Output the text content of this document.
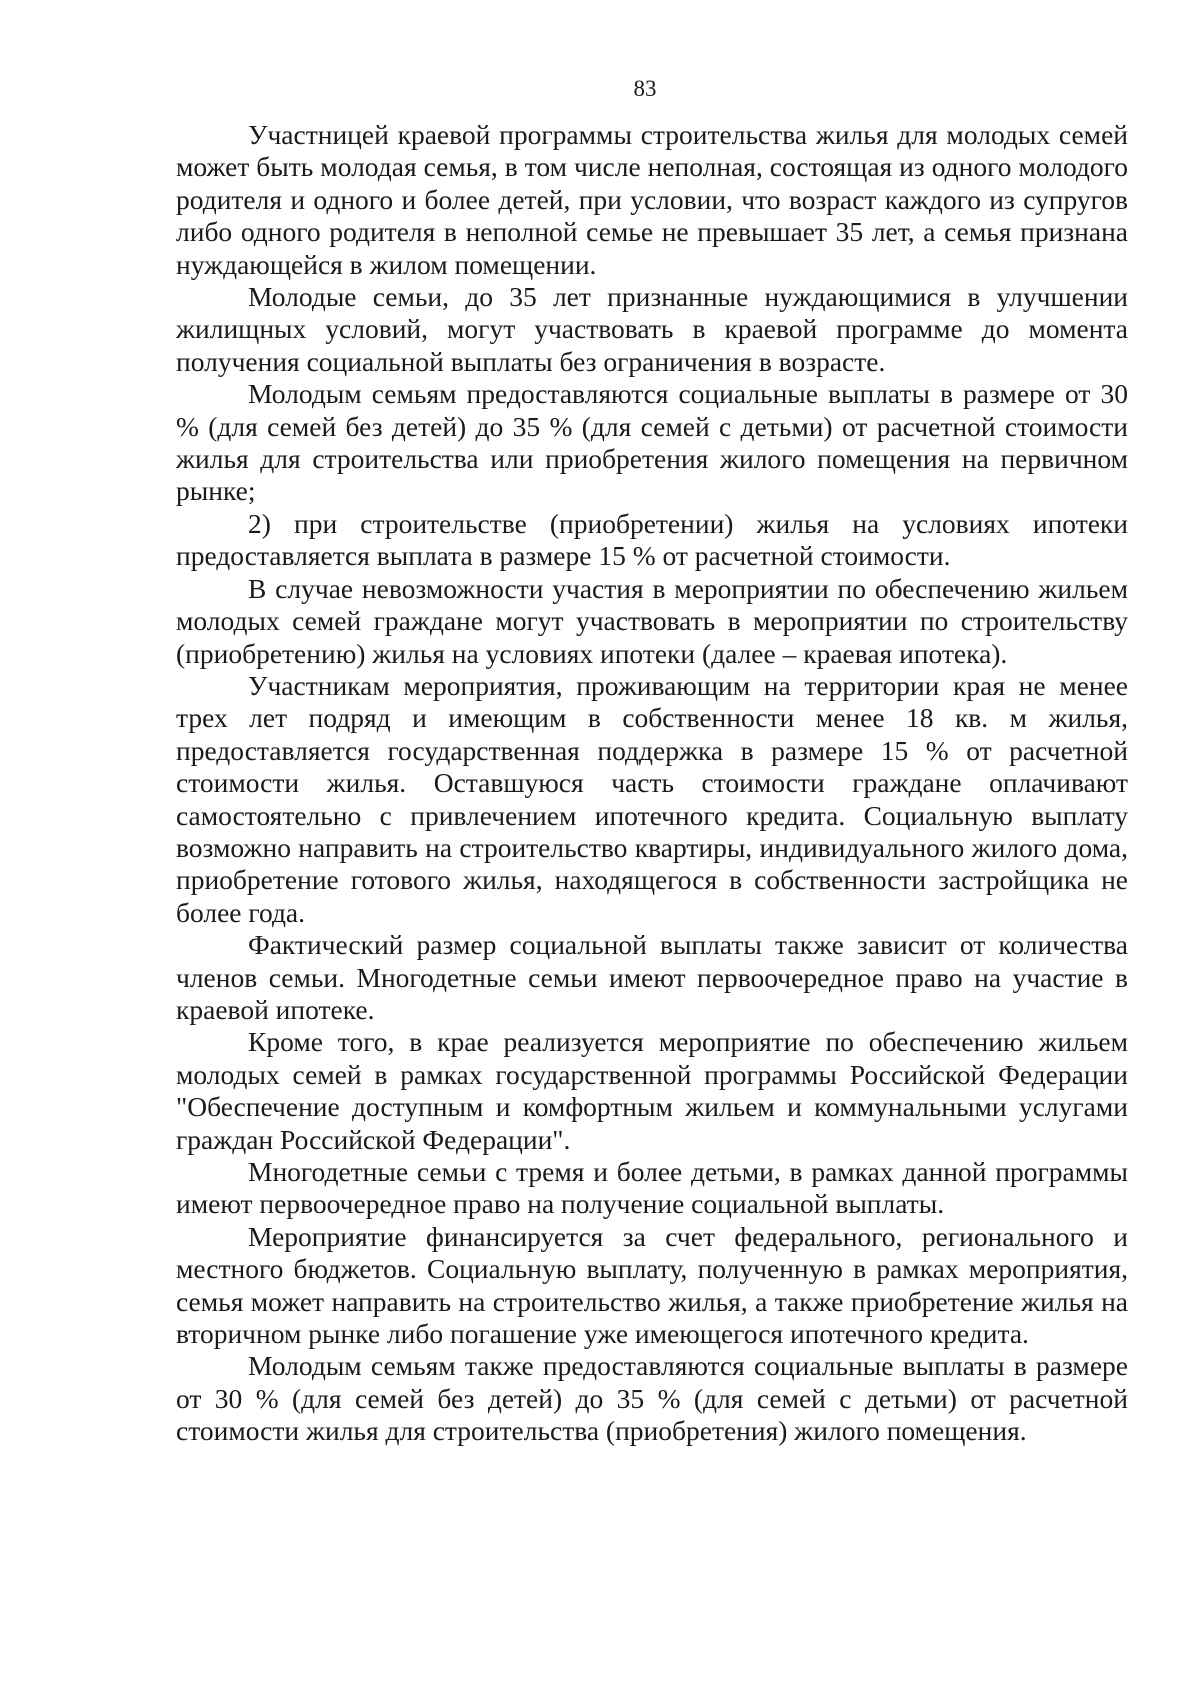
83

Участницей краевой программы строительства жилья для молодых семей может быть молодая семья, в том числе неполная, состоящая из одного молодого родителя и одного и более детей, при условии, что возраст каждого из супругов либо одного родителя в неполной семье не превышает 35 лет, а семья признана нуждающейся в жилом помещении.

Молодые семьи, до 35 лет признанные нуждающимися в улучшении жилищных условий, могут участвовать в краевой программе до момента получения социальной выплаты без ограничения в возрасте.

Молодым семьям предоставляются социальные выплаты в размере от 30 % (для семей без детей) до 35 % (для семей с детьми) от расчетной стоимости жилья для строительства или приобретения жилого помещения на первичном рынке;

2) при строительстве (приобретении) жилья на условиях ипотеки предоставляется выплата в размере 15 % от расчетной стоимости.

В случае невозможности участия в мероприятии по обеспечению жильем молодых семей граждане могут участвовать в мероприятии по строительству (приобретению) жилья на условиях ипотеки (далее – краевая ипотека).

Участникам мероприятия, проживающим на территории края не менее трех лет подряд и имеющим в собственности менее 18 кв. м жилья, предоставляется государственная поддержка в размере 15 % от расчетной стоимости жилья. Оставшуюся часть стоимости граждане оплачивают самостоятельно с привлечением ипотечного кредита. Социальную выплату возможно направить на строительство квартиры, индивидуального жилого дома, приобретение готового жилья, находящегося в собственности застройщика не более года.

Фактический размер социальной выплаты также зависит от количества членов семьи. Многодетные семьи имеют первоочередное право на участие в краевой ипотеке.

Кроме того, в крае реализуется мероприятие по обеспечению жильем молодых семей в рамках государственной программы Российской Федерации "Обеспечение доступным и комфортным жильем и коммунальными услугами граждан Российской Федерации".

Многодетные семьи с тремя и более детьми, в рамках данной программы имеют первоочередное право на получение социальной выплаты.

Мероприятие финансируется за счет федерального, регионального и местного бюджетов. Социальную выплату, полученную в рамках мероприятия, семья может направить на строительство жилья, а также приобретение жилья на вторичном рынке либо погашение уже имеющегося ипотечного кредита.

Молодым семьям также предоставляются социальные выплаты в размере от 30 % (для семей без детей) до 35 % (для семей с детьми) от расчетной стоимости жилья для строительства (приобретения) жилого помещения.
